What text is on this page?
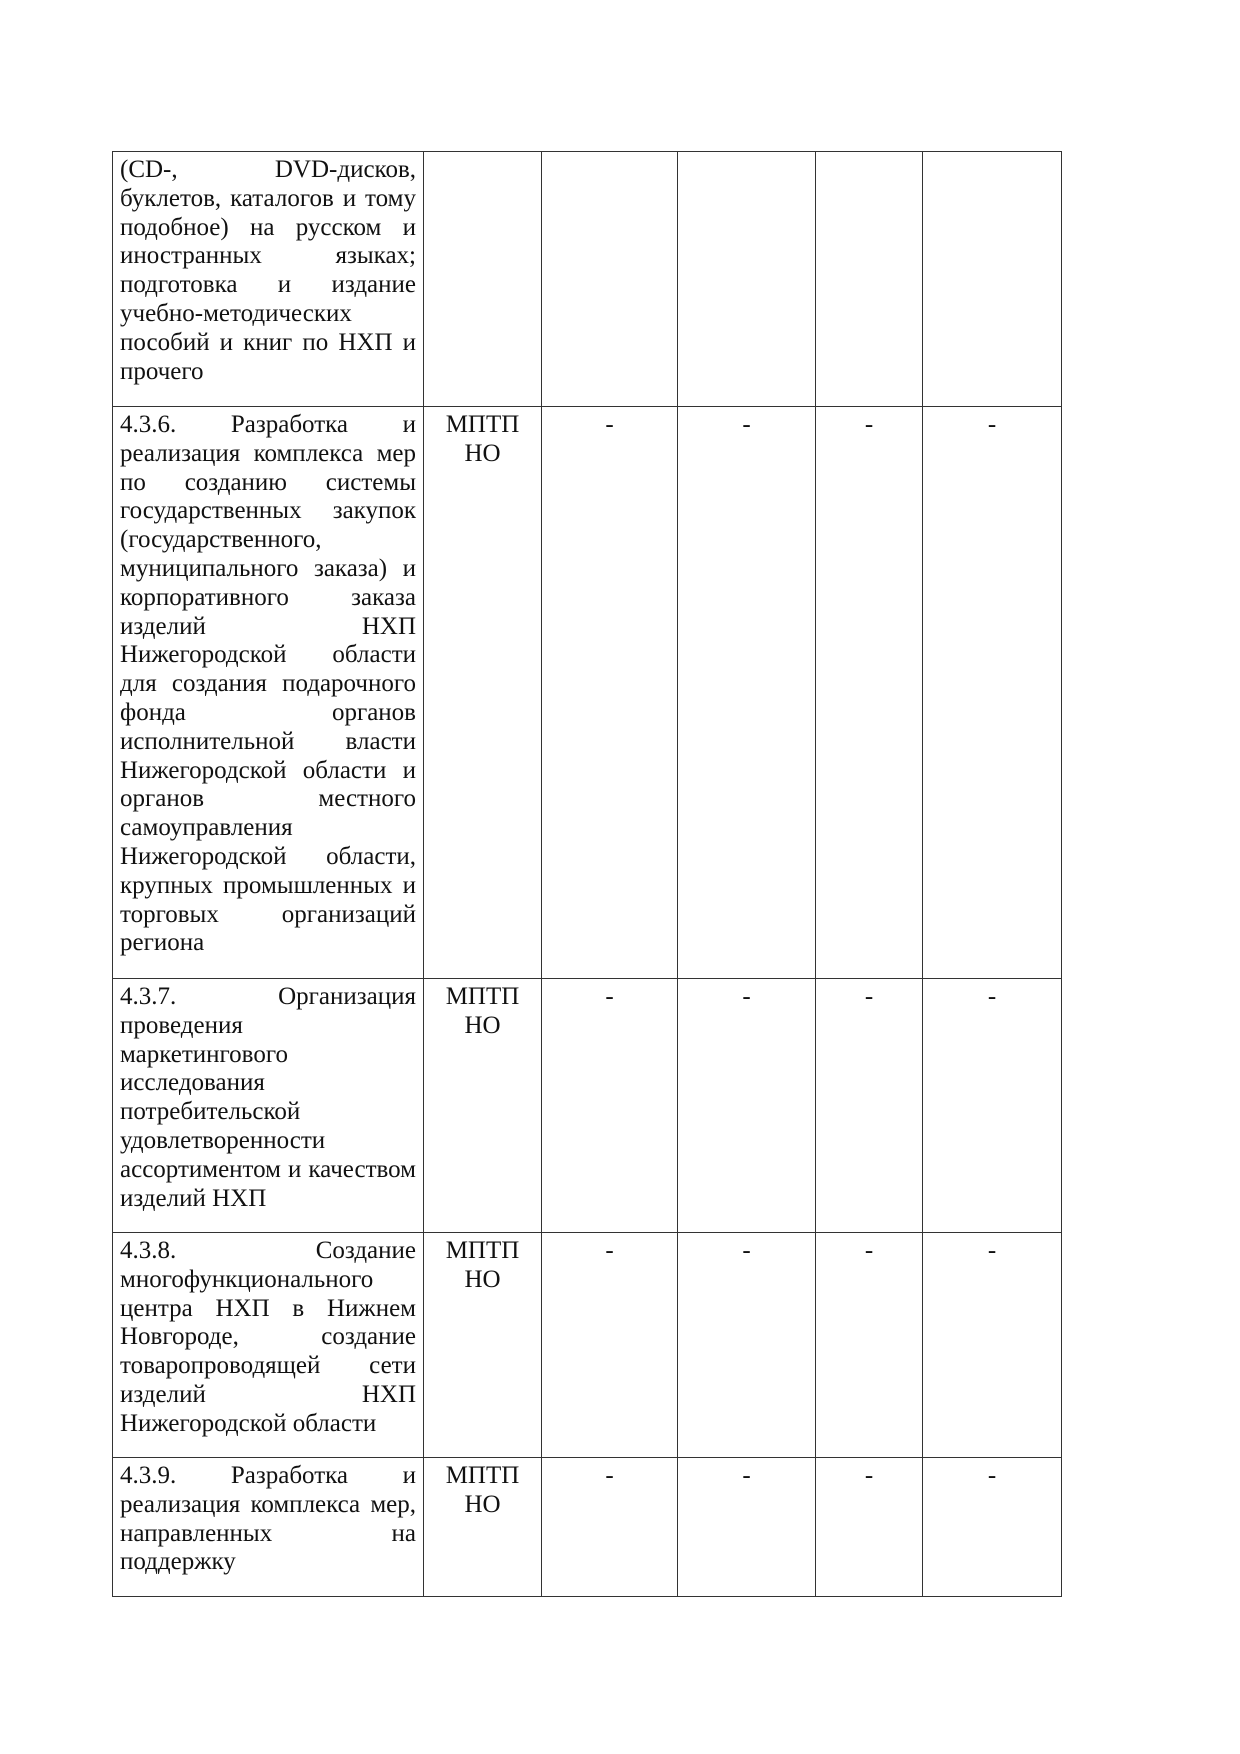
(CD-, DVD-дисков, буклетов, каталогов и тому подобное) на русском и иностранных языках; подготовка и издание учебно-методических пособий и книг по НХП и прочего					
4.3.6. Разработка и реализация комплекса мер по созданию системы государственных закупок (государственного, муниципального заказа) и корпоративного заказа изделий НХП Нижегородской области для создания подарочного фонда органов исполнительной власти Нижегородской области и органов местного самоуправления Нижегородской области, крупных промышленных и торговых организаций региона	МПТП НО	-	-	-	-
4.3.7. Организация проведения маркетингового исследования потребительской удовлетворенности ассортиментом и качеством изделий НХП	МПТП НО	-	-	-	-
4.3.8. Создание многофункционального центра НХП в Нижнем Новгороде, создание товаропроводящей сети изделий НХП Нижегородской области	МПТП НО	-	-	-	-
4.3.9. Разработка и реализация комплекса мер, направленных на поддержку	МПТП НО	-	-	-	-
